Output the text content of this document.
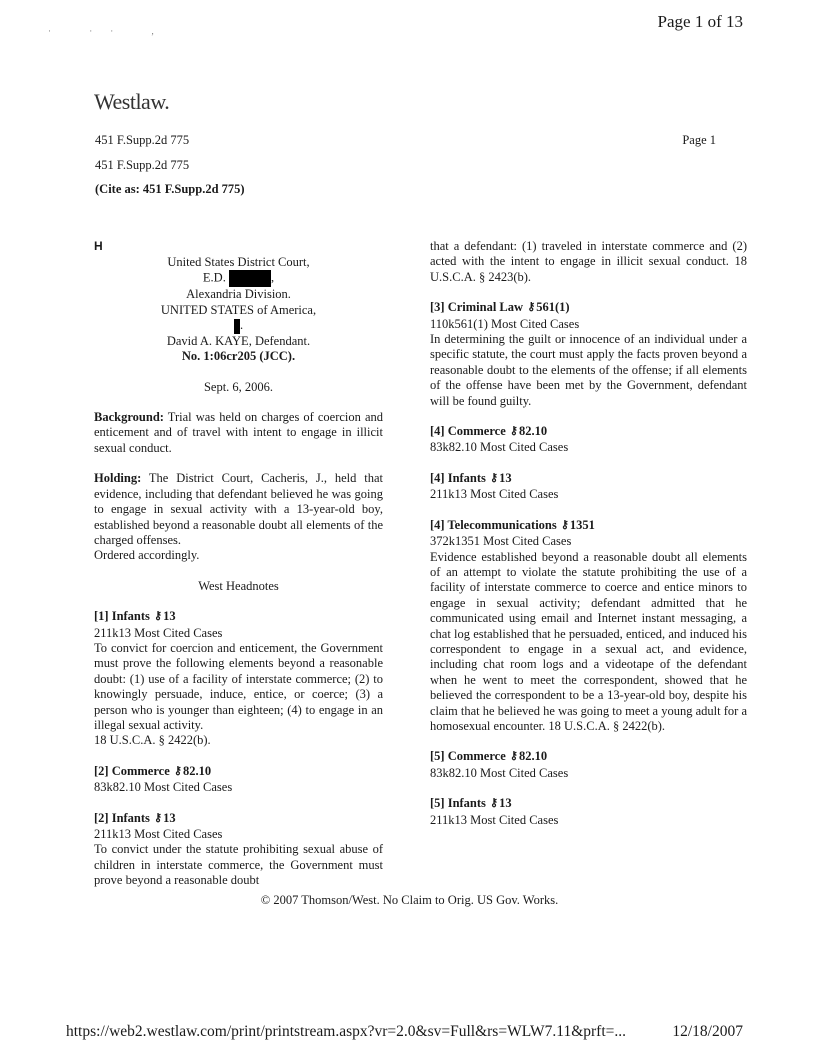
· ·· ,	Page 1 of 13
Westlaw.
451 F.Supp.2d 775	Page 1
451 F.Supp.2d 775
(Cite as: 451 F.Supp.2d 775)
H
United States District Court,
E.D.	,
Alexandria Division.
UNITED STATES of America,
.
David A. KAYE, Defendant.
No. 1:06cr205 (JCC).
Sept. 6, 2006.
Background: Trial was held on charges of coercion and enticement and of travel with intent to engage in illicit sexual conduct.
Holding: The District Court, Cacheris, J., held that evidence, including that defendant believed he was going to engage in sexual activity with a 13-year-old boy, established beyond a reasonable doubt all elements of the charged offenses.
Ordered accordingly.
West Headnotes
[1] Infants ⚷13
211k13 Most Cited Cases
To convict for coercion and enticement, the Government must prove the following elements beyond a reasonable doubt: (1) use of a facility of interstate commerce; (2) to knowingly persuade, induce, entice, or coerce; (3) a person who is younger than eighteen; (4) to engage in an illegal sexual activity.
18 U.S.C.A. § 2422(b).
[2] Commerce ⚷82.10
83k82.10 Most Cited Cases
[2] Infants ⚷13
211k13 Most Cited Cases
To convict under the statute prohibiting sexual abuse of children in interstate commerce, the Government must prove beyond a reasonable doubt
that a defendant: (1) traveled in interstate commerce and (2) acted with the intent to engage in illicit sexual conduct. 18 U.S.C.A. § 2423(b).
[3] Criminal Law ⚷561(1)
110k561(1) Most Cited Cases
In determining the guilt or innocence of an individual under a specific statute, the court must apply the facts proven beyond a reasonable doubt to the elements of the offense; if all elements of the offense have been met by the Government, defendant will be found guilty.
[4] Commerce ⚷82.10
83k82.10 Most Cited Cases
[4] Infants ⚷13
211k13 Most Cited Cases
[4] Telecommunications ⚷1351
372k1351 Most Cited Cases
Evidence established beyond a reasonable doubt all elements of an attempt to violate the statute prohibiting the use of a facility of interstate commerce to coerce and entice minors to engage in sexual activity; defendant admitted that he communicated using email and Internet instant messaging, a chat log established that he persuaded, enticed, and induced his correspondent to engage in a sexual act, and evidence, including chat room logs and a videotape of the defendant when he went to meet the correspondent, showed that he believed the correspondent to be a 13-year-old boy, despite his claim that he believed he was going to meet a young adult for a homosexual encounter. 18 U.S.C.A. § 2422(b).
[5] Commerce ⚷82.10
83k82.10 Most Cited Cases
[5] Infants ⚷13
211k13 Most Cited Cases
© 2007 Thomson/West. No Claim to Orig. US Gov. Works.
https://web2.westlaw.com/print/printstream.aspx?vr=2.0&sv=Full&rs=WLW7.11&prft=...	12/18/2007
